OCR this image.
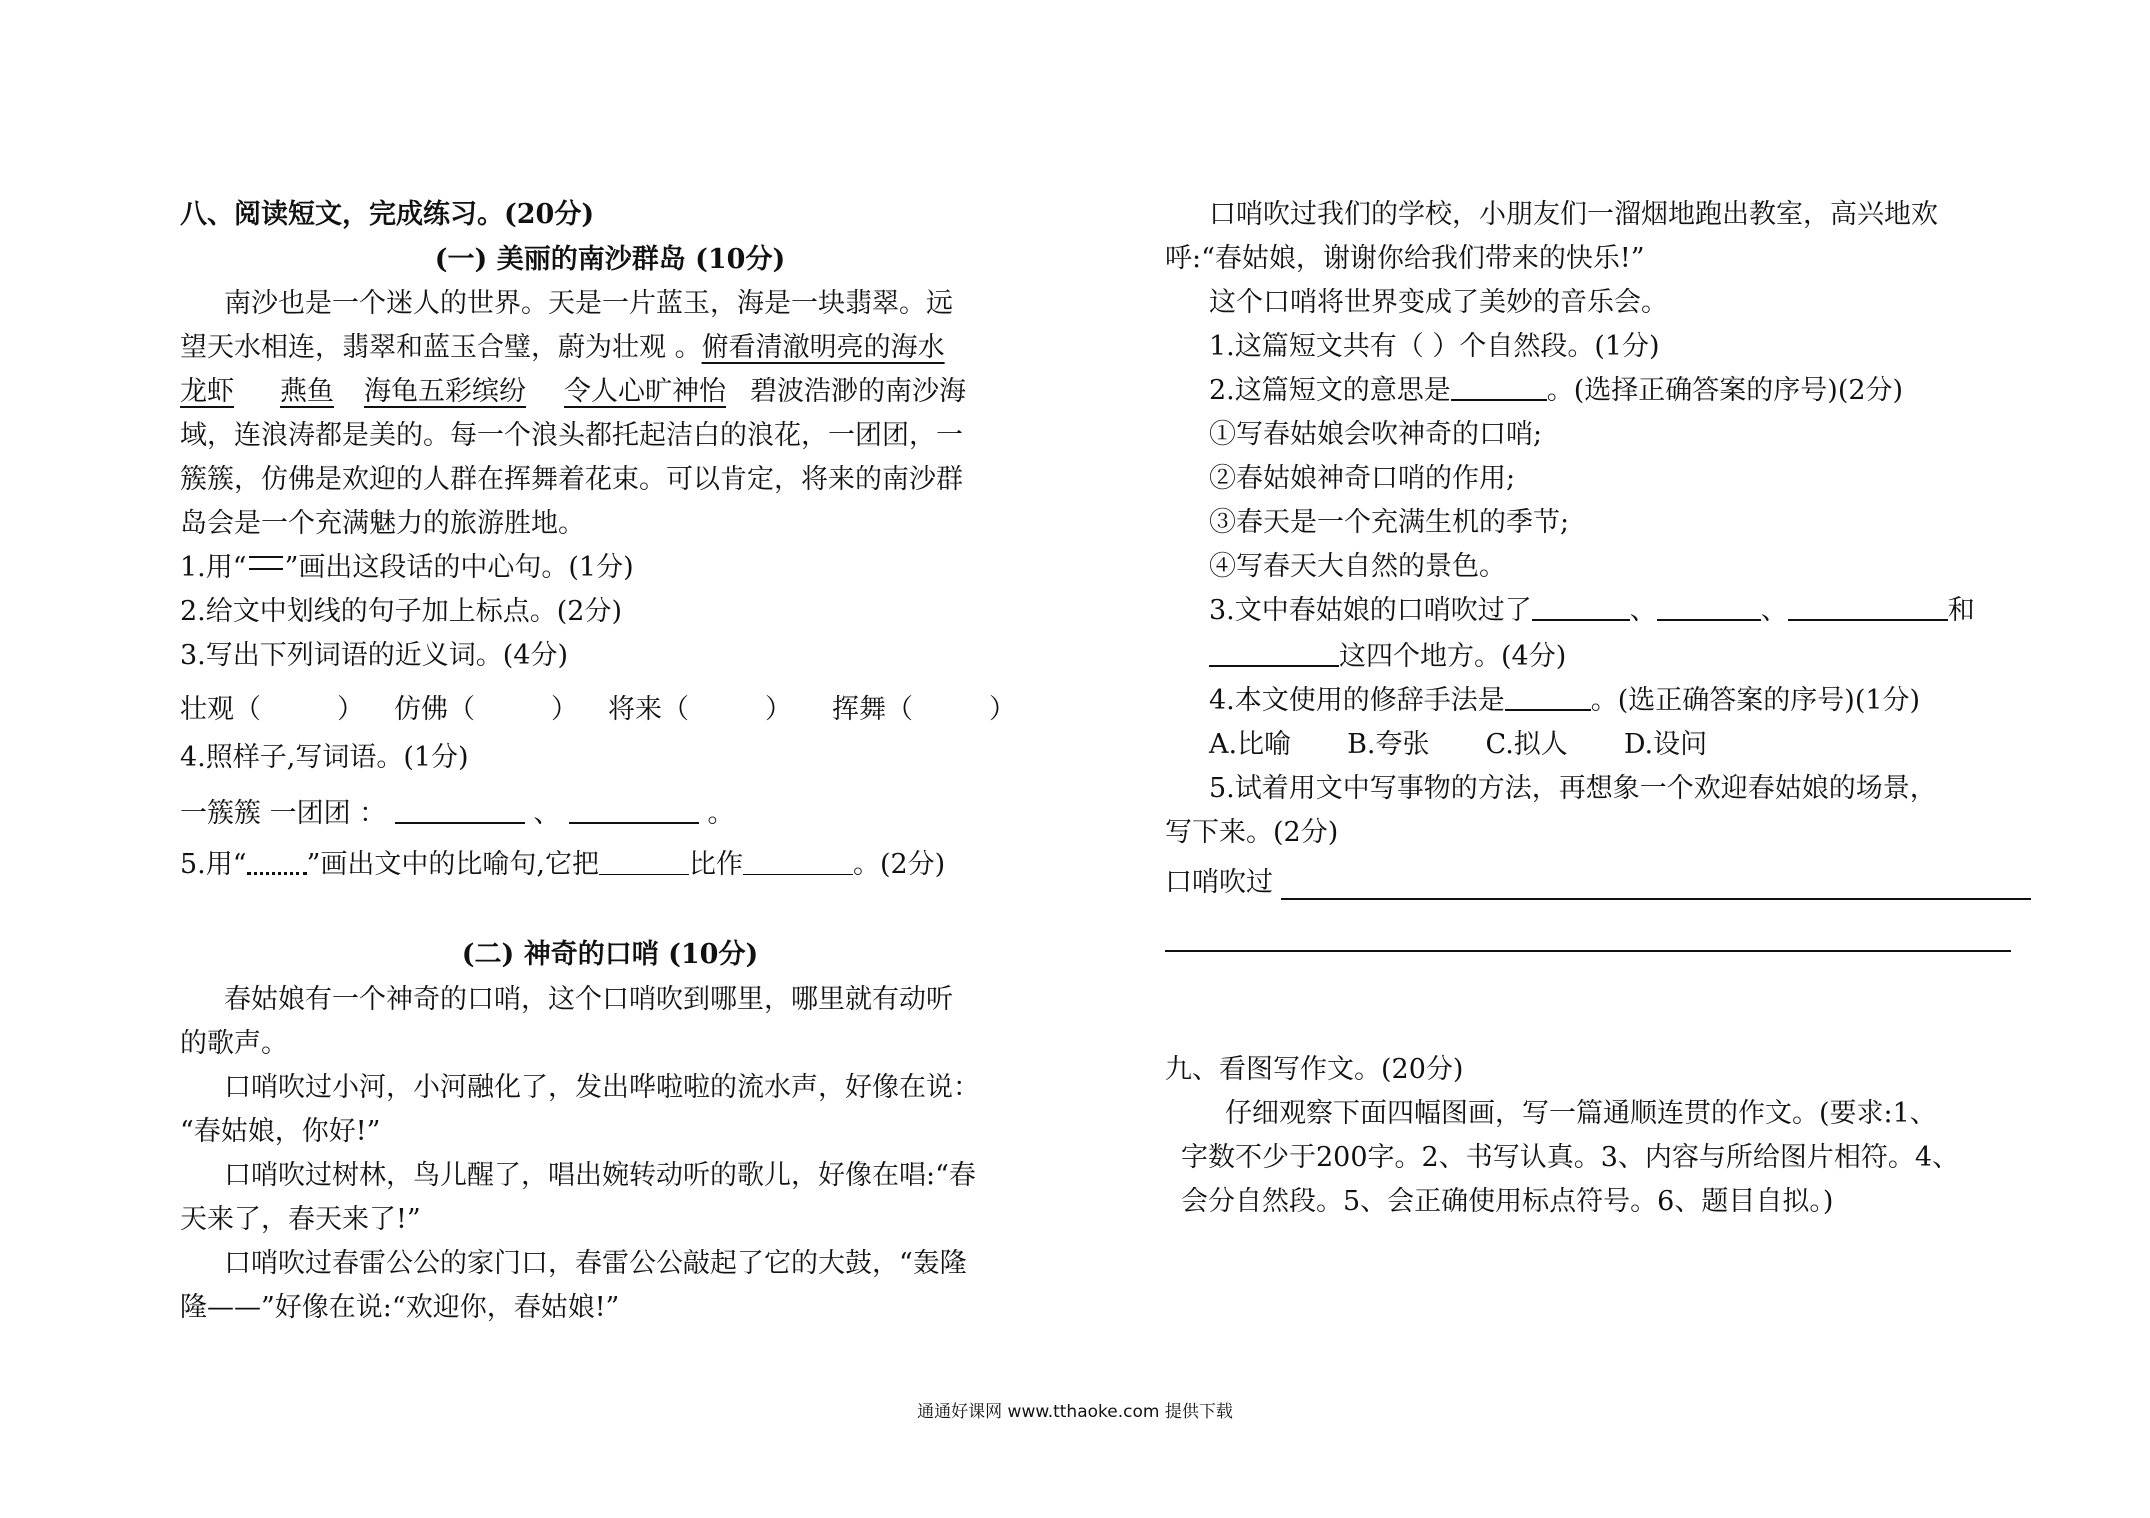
八、阅读短文，完成练习。(20分)
(一) 美丽的南沙群岛 (10分)
南沙也是一个迷人的世界。天是一片蓝玉，海是一块翡翠。远
望天水相连，翡翠和蓝玉合璧，蔚为壮观 。俯看清澈明亮的海水
龙虾 燕鱼 海龟五彩缤纷 令人心旷神怡 碧波浩渺的南沙海
域，连浪涛都是美的。每一个浪头都托起洁白的浪花，一团团，一
簇簇，仿佛是欢迎的人群在挥舞着花束。可以肯定，将来的南沙群
岛会是一个充满魅力的旅游胜地。
1.用“ ”画出这段话的中心句。(1分)
2.给文中划线的句子加上标点。(2分)
3.写出下列词语的近义词。(4分)
壮观（	） 仿佛（	） 将来（	） 挥舞（	）
4.照样子,写词语。(1分)
一簇簇 一团团 ：	、	。
5.用“ ”画出文中的比喻句,它把	比作	。(2分)
(二) 神奇的口哨 (10分)
春姑娘有一个神奇的口哨，这个口哨吹到哪里，哪里就有动听
的歌声。
口哨吹过小河，小河融化了，发出哗啦啦的流水声，好像在说：
“春姑娘，你好!”
口哨吹过树林，鸟儿醒了，唱出婉转动听的歌儿，好像在唱:“春
天来了，春天来了!”
口哨吹过春雷公公的家门口，春雷公公敲起了它的大鼓，“轰隆
隆——”好像在说:“欢迎你，春姑娘!”
口哨吹过我们的学校，小朋友们一溜烟地跑出教室，高兴地欢
呼:“春姑娘，谢谢你给我们带来的快乐!”
这个口哨将世界变成了美妙的音乐会。
1.这篇短文共有（ ）个自然段。(1分)
2.这篇短文的意思是	。(选择正确答案的序号)(2分)
①写春姑娘会吹神奇的口哨;
②春姑娘神奇口哨的作用;
③春天是一个充满生机的季节;
④写春天大自然的景色。
3.文中春姑娘的口哨吹过了	、	、	和
这四个地方。(4分)
4.本文使用的修辞手法是	。(选正确答案的序号)(1分)
A.比喻 B.夸张 C.拟人 D.设问
5.试着用文中写事物的方法，再想象一个欢迎春姑娘的场景，
写下来。(2分)
口哨吹过
九、看图写作文。(20分)
仔细观察下面四幅图画，写一篇通顺连贯的作文。(要求:1、
字数不少于200字。2、书写认真。3、内容与所给图片相符。4、
会分自然段。5、会正确使用标点符号。6、题目自拟。)
通通好课网 www.tthaoke.com 提供下载
